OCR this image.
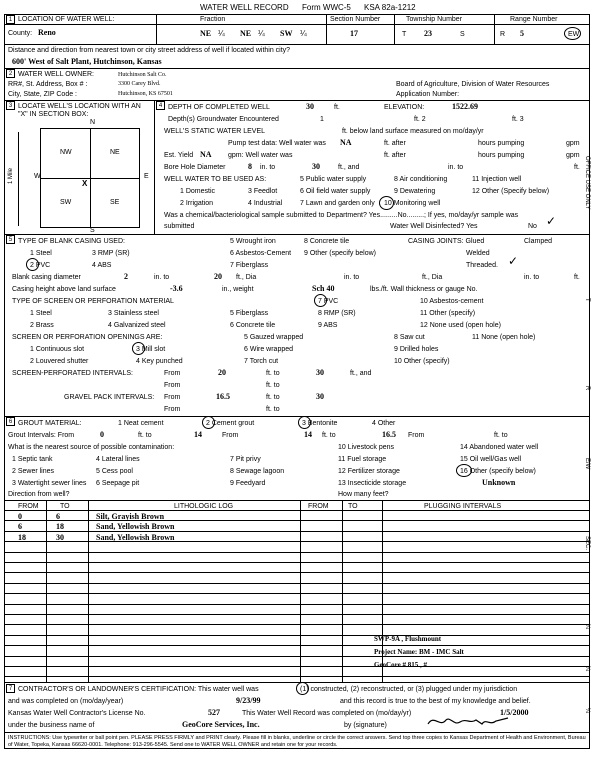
WATER WELL RECORD Form WWC-5 KSA 82a-1212
1 LOCATION OF WATER WELL:	Fraction	Section Number	Township Number	Range Number
County: Reno	NE ¼ NE ¼ SW ¼	17	T 23	S	R 5	EW
Distance and direction from nearest town or city street address of well if located within city?
600' West of Salt Plant, Hutchinson, Kansas
2 WATER WELL OWNER:	Hutchinson Salt Co.
RR#, St. Address, Box # :	3300 Carey Blvd.
City, State, ZIP Code :	Hutchinson, KS 67501
Board of Agriculture, Division of Water Resources
Application Number:
3 LOCATE WELL'S LOCATION WITH AN "X" IN SECTION BOX:
N
S
W	E
NW	NE
SW	SE
X
1 Mile
4 DEPTH OF COMPLETED WELL	30	ft.	ELEVATION:	1522.69
Depth(s) Groundwater Encountered	1	ft. 2	ft. 3
WELL'S STATIC WATER LEVEL	ft. below land surface measured on mo/day/yr
Pump test data: Well water was NA	ft. after	hours pumping	gpm
Est. Yield NA gpm: Well water was	ft. after	hours pumping	gpm
Bore Hole Diameter	8 in. to	30	ft., and	in. to	ft.
WELL WATER TO BE USED AS:	5 Public water supply	8 Air conditioning	11 Injection well
1 Domestic	3 Feedlot	6 Oil field water supply	9 Dewatering	12 Other (Specify below)
2 Irrigation	4 Industrial	7 Lawn and garden only 10 Monitoring well
Was a chemical/bacteriological sample submitted to Department? Yes.........No.........; If yes, mo/day/yr sample was
submitted	Water Well Disinfected? Yes	No ✓
5 TYPE OF BLANK CASING USED:	5 Wrought iron	8 Concrete tile	CASING JOINTS: Glued	Clamped
1 Steel	3 RMP (SR)	6 Asbestos-Cement 9 Other (specify below)	Welded
2 PVC	4 ABS	7 Fiberglass	Threaded. ✓
Blank casing diameter	2	in. to	20 ft., Dia	in. to	ft., Dia	in. to	ft.
Casing height above land surface	-3.6	in., weight	Sch 40	lbs./ft. Wall thickness or gauge No.
TYPE OF SCREEN OR PERFORATION MATERIAL	7 PVC	10 Asbestos-cement
1 Steel	3 Stainless steel	5 Fiberglass	8 RMP (SR)	11 Other (specify)
2 Brass	4 Galvanized steel	6 Concrete tile	9 ABS	12 None used (open hole)
SCREEN OR PERFORATION OPENINGS ARE:	5 Gauzed wrapped	8 Saw cut	11 None (open hole)
1 Continuous slot	3 Mill slot	6 Wire wrapped	9 Drilled holes
2 Louvered shutter	4 Key punched	7 Torch cut	10 Other (specify)
SCREEN-PERFORATED INTERVALS:	From	20	ft. to	30	ft., and
From	ft. to
GRAVEL PACK INTERVALS: From	16.5	ft. to	30
From	ft. to
6 GROUT MATERIAL:	1 Neat cement	2 Cement grout	3 Bentonite	4 Other
Grout Intervals: From	0	ft. to	14	From	14 ft. to	16.5 From	ft. to
What is the nearest source of possible contamination:	10 Livestock pens	14 Abandoned water well
1 Septic tank	4 Lateral lines	7 Pit privy	11 Fuel storage	15 Oil well/Gas well
2 Sewer lines	5 Cess pool	8 Sewage lagoon	12 Fertilizer storage	16 Other (specify below)
3 Watertight sewer lines 6 Seepage pit	9 Feedyard	13 Insecticide storage	Unknown
Direction from well?	How many feet?
FROM	TO	LITHOLOGIC LOG	FROM	TO	PLUGGING INTERVALS
SWP-9A , Flushmount
Project Name: BM - IMC Salt
GeoCore # 815 , #
7 CONTRACTOR'S OR LANDOWNER'S CERTIFICATION: This water well was	(1) constructed, (2) reconstructed, or (3) plugged under my jurisdiction
and was completed on (mo/day/year)	9/23/99	and this record is true to the best of my knowledge and belief.
Kansas Water Well Contractor's License No.	527	This Water Well Record was completed on (mo/day/yr)	1/5/2000
under the business name of	GeoCore Services, Inc.	by (signature)
INSTRUCTIONS: Use typewriter or ball point pen. PLEASE PRESS FIRMLY and PRINT clearly. Please fill in blanks, underline or circle the correct answers. Send top three copies to Kansas Department of Health and Environment, Bureau of Water, Topeka, Kansas 66620-0001. Telephone: 913-296-5545. Send one to WATER WELL OWNER and retain one for your records.
OFFICE USE ONLY
T
R
E/W
SEC.
¼
¼
¼
0	6	Silt, Grayish Brown
6	18	Sand, Yellowish Brown
18	30	Sand, Yellowish Brown
